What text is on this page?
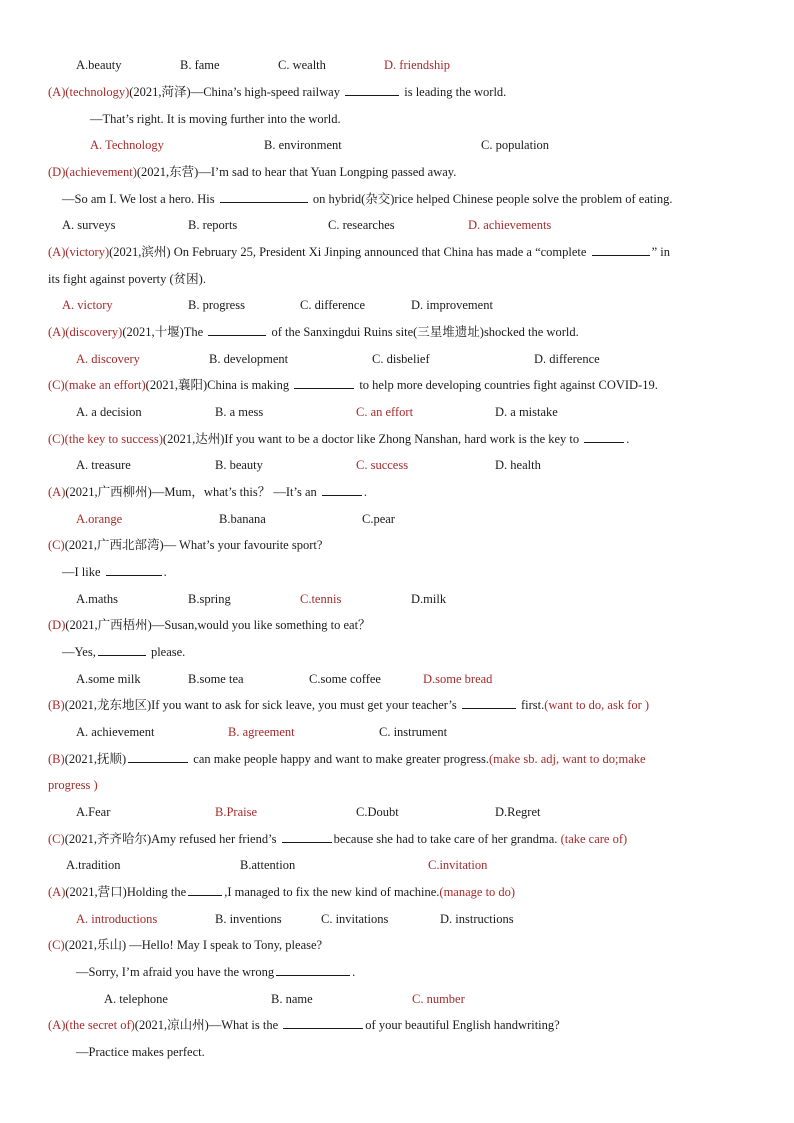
A.beauty	B. fame	C. wealth	D. friendship
(A)(technology)(2021,菏泽)—China’s high-speed railway	is leading the world.
—That’s right. It is moving further into the world.
A. Technology	B. environment	C. population
(D)(achievement)(2021,东营)—I’m sad to hear that Yuan Longping passed away.
—So am I. We lost a hero. His	on hybrid(杂交)rice helped Chinese people solve the problem of eating.
A. surveys	B. reports	C. researches	D. achievements
(A)(victory)(2021,滨州) On February 25, President Xi Jinping announced that China has made a “complete	” in
its fight against poverty (贫困).
A. victory	B. progress	C. difference	D. improvement
(A)(discovery)(2021,十堰)The	of the Sanxingdui Ruins site(三星堆遗址)shocked the world.
A. discovery	B. development	C. disbelief	D. difference
(C)(make an effort)(2021,襄阳)China is making	to help more developing countries fight against COVID-19.
A. a decision	B. a mess	C. an effort	D. a mistake
(C)(the key to success)(2021,达州)If you want to be a doctor like Zhong Nanshan, hard work is the key to	.
A. treasure	B. beauty	C. success	D. health
(A)(2021,广西柳州)—Mum，what’s this？ —It’s an	.
A.orange	B.banana	C.pear
(C)(2021,广西北部湾)— What’s your favourite sport?
—I like	.
A.maths	B.spring	C.tennis	D.milk
(D)(2021,广西梧州)—Susan,would you like something to eat？
—Yes,	please.
A.some milk	B.some tea	C.some coffee	D.some bread
(B)(2021,龙东地区)If you want to ask for sick leave, you must get your teacher’s	first.(want to do, ask for )
A. achievement	B. agreement	C. instrument
(B)(2021,抚顺)	can make people happy and want to make greater progress.(make sb. adj, want to do;make
progress )
A.Fear	B.Praise	C.Doubt	D.Regret
(C)(2021,齐齐哈尔)Amy refused her friend’s	because she had to take care of her grandma. (take care of)
A.tradition	B.attention	C.invitation
(A)(2021,营口)Holding the	,I managed to fix the new kind of machine.(manage to do)
A. introductions	B. inventions	C. invitations	D. instructions
(C)(2021,乐山) —Hello! May I speak to Tony, please?
—Sorry, I’m afraid you have the wrong	.
A. telephone	B. name	C. number
(A)(the secret of)(2021,凉山州)—What is the	of your beautiful English handwriting?
—Practice makes perfect.
